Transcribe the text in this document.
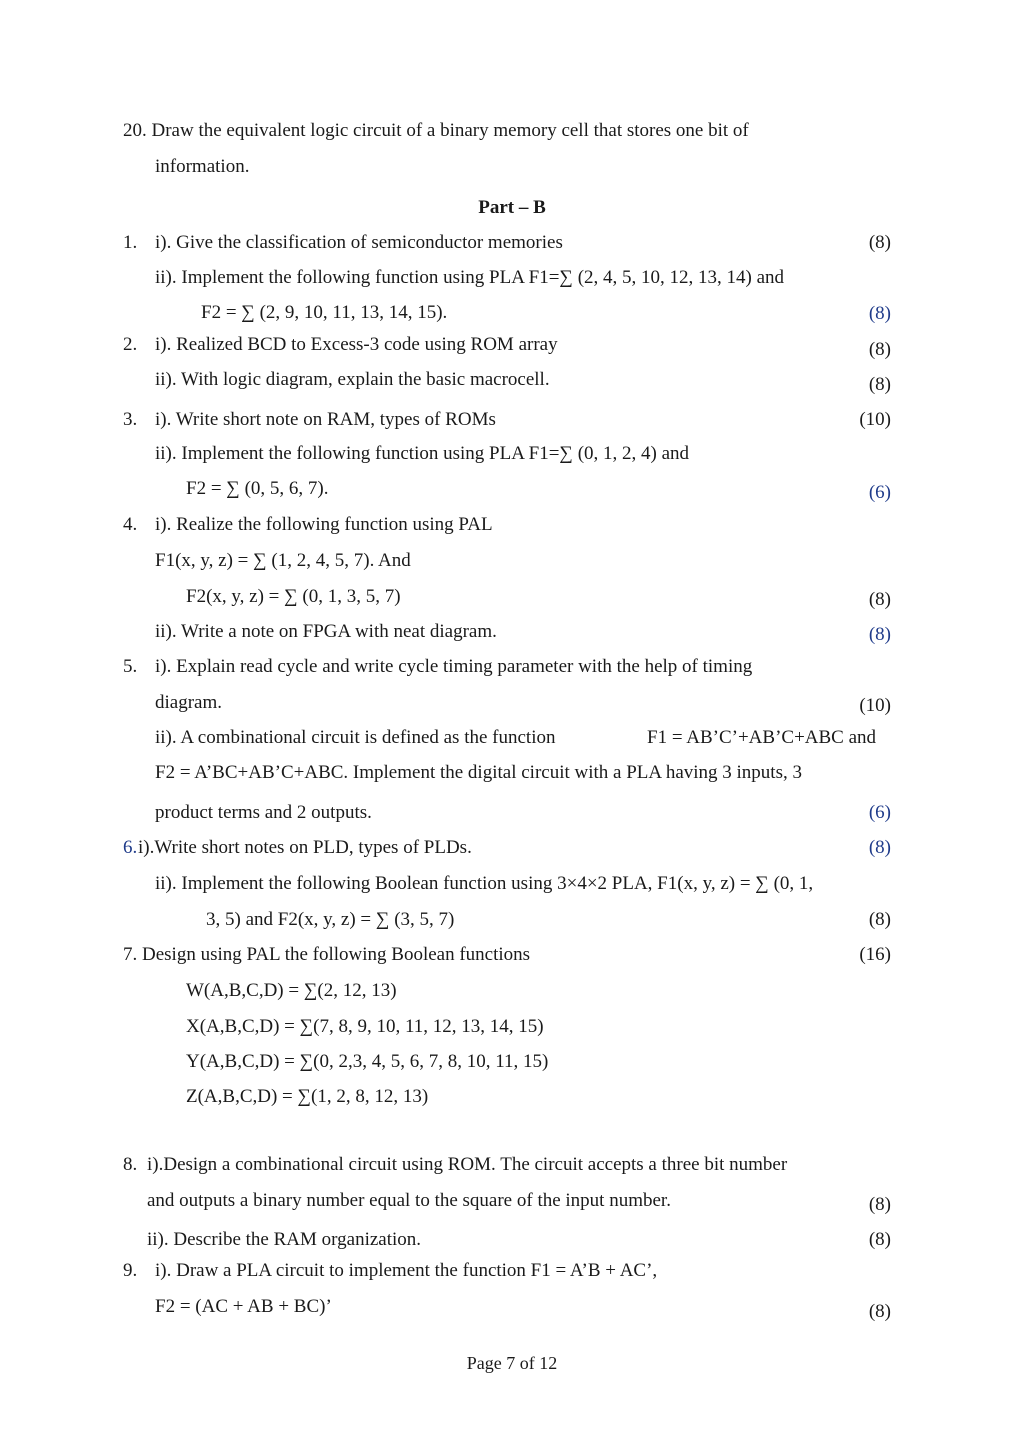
20. Draw the equivalent logic circuit of a binary memory cell that stores one bit of
information.
Part – B
1. i). Give the classification of semiconductor memories	(8)
ii). Implement the following function using PLA F1=∑ (2, 4, 5, 10, 12, 13, 14) and
F2 = ∑ (2, 9, 10, 11, 13, 14, 15).	(8)
2. i). Realized BCD to Excess-3 code using ROM array	(8)
ii). With logic diagram, explain the basic macrocell.	(8)
3. i). Write short note on RAM, types of ROMs	(10)
ii). Implement the following function using PLA F1=∑ (0, 1, 2, 4) and
F2 = ∑ (0, 5, 6, 7).	(6)
4. i). Realize the following function using PAL
F1(x, y, z) = ∑ (1, 2, 4, 5, 7). And
F2(x, y, z) = ∑ (0, 1, 3, 5, 7)	(8)
ii). Write a note on FPGA with neat diagram.	(8)
5. i). Explain read cycle and write cycle timing parameter with the help of timing
diagram.	(10)
ii). A combinational circuit is defined as the function	F1 = AB’C’+AB’C+ABC and
F2 = A’BC+AB’C+ABC. Implement the digital circuit with a PLA having 3 inputs, 3
product terms and 2 outputs.	(6)
6. i).Write short notes on PLD, types of PLDs.	(8)
ii). Implement the following Boolean function using 3×4×2 PLA, F1(x, y, z) = ∑ (0, 1,
3, 5) and F2(x, y, z) = ∑ (3, 5, 7)	(8)
7. Design using PAL the following Boolean functions	(16)
W(A,B,C,D) = ∑(2, 12, 13)
X(A,B,C,D) = ∑(7, 8, 9, 10, 11, 12, 13, 14, 15)
Y(A,B,C,D) = ∑(0, 2,3, 4, 5, 6, 7, 8, 10, 11, 15)
Z(A,B,C,D) = ∑(1, 2, 8, 12, 13)
8. i).Design a combinational circuit using ROM. The circuit accepts a three bit number
and outputs a binary number equal to the square of the input number.	(8)
ii). Describe the RAM organization.	(8)
9. i). Draw a PLA circuit to implement the function F1 = A’B + AC’,
F2 = (AC + AB + BC)’	(8)
Page 7 of 12
